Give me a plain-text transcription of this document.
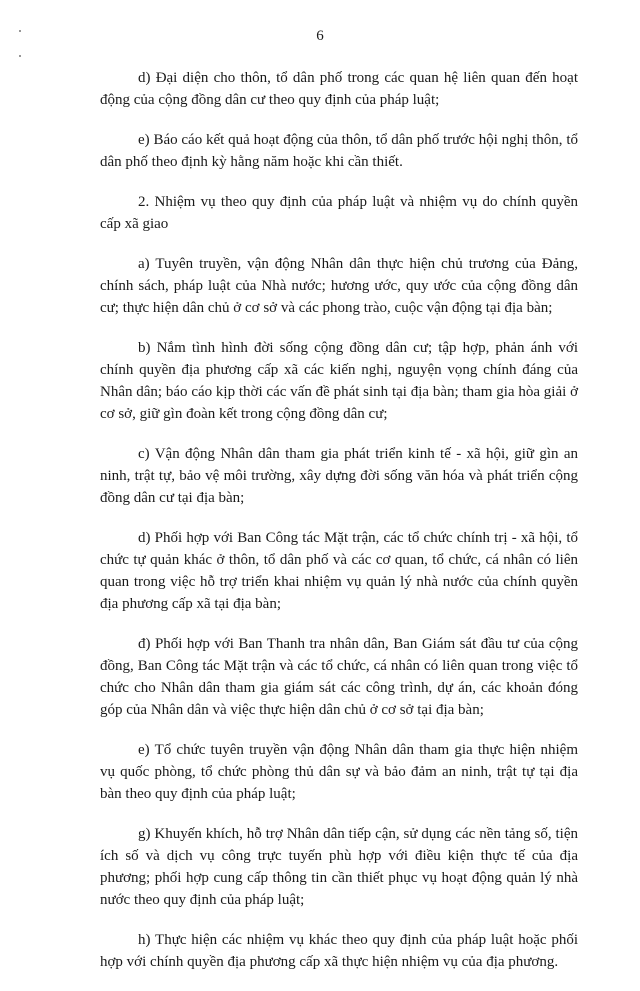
6

d) Đại diện cho thôn, tổ dân phố trong các quan hệ liên quan đến hoạt động của cộng đồng dân cư theo quy định của pháp luật;

e) Báo cáo kết quả hoạt động của thôn, tổ dân phố trước hội nghị thôn, tổ dân phố theo định kỳ hằng năm hoặc khi cần thiết.

2. Nhiệm vụ theo quy định của pháp luật và nhiệm vụ do chính quyền cấp xã giao

a) Tuyên truyền, vận động Nhân dân thực hiện chủ trương của Đảng, chính sách, pháp luật của Nhà nước; hương ước, quy ước của cộng đồng dân cư; thực hiện dân chủ ở cơ sở và các phong trào, cuộc vận động tại địa bàn;

b) Nắm tình hình đời sống cộng đồng dân cư; tập hợp, phản ánh với chính quyền địa phương cấp xã các kiến nghị, nguyện vọng chính đáng của Nhân dân; báo cáo kịp thời các vấn đề phát sinh tại địa bàn; tham gia hòa giải ở cơ sở, giữ gìn đoàn kết trong cộng đồng dân cư;

c) Vận động Nhân dân tham gia phát triển kinh tế - xã hội, giữ gìn an ninh, trật tự, bảo vệ môi trường, xây dựng đời sống văn hóa và phát triển cộng đồng dân cư tại địa bàn;

d) Phối hợp với Ban Công tác Mặt trận, các tổ chức chính trị - xã hội, tổ chức tự quản khác ở thôn, tổ dân phố và các cơ quan, tổ chức, cá nhân có liên quan trong việc hỗ trợ triển khai nhiệm vụ quản lý nhà nước của chính quyền địa phương cấp xã tại địa bàn;

đ) Phối hợp với Ban Thanh tra nhân dân, Ban Giám sát đầu tư của cộng đồng, Ban Công tác Mặt trận và các tổ chức, cá nhân có liên quan trong việc tổ chức cho Nhân dân tham gia giám sát các công trình, dự án, các khoản đóng góp của Nhân dân và việc thực hiện dân chủ ở cơ sở tại địa bàn;

e) Tổ chức tuyên truyền vận động Nhân dân tham gia thực hiện nhiệm vụ quốc phòng, tổ chức phòng thủ dân sự và bảo đảm an ninh, trật tự tại địa bàn theo quy định của pháp luật;

g) Khuyến khích, hỗ trợ Nhân dân tiếp cận, sử dụng các nền tảng số, tiện ích số và dịch vụ công trực tuyến phù hợp với điều kiện thực tế của địa phương; phối hợp cung cấp thông tin cần thiết phục vụ hoạt động quản lý nhà nước theo quy định của pháp luật;

h) Thực hiện các nhiệm vụ khác theo quy định của pháp luật hoặc phối hợp với chính quyền địa phương cấp xã thực hiện nhiệm vụ của địa phương.
